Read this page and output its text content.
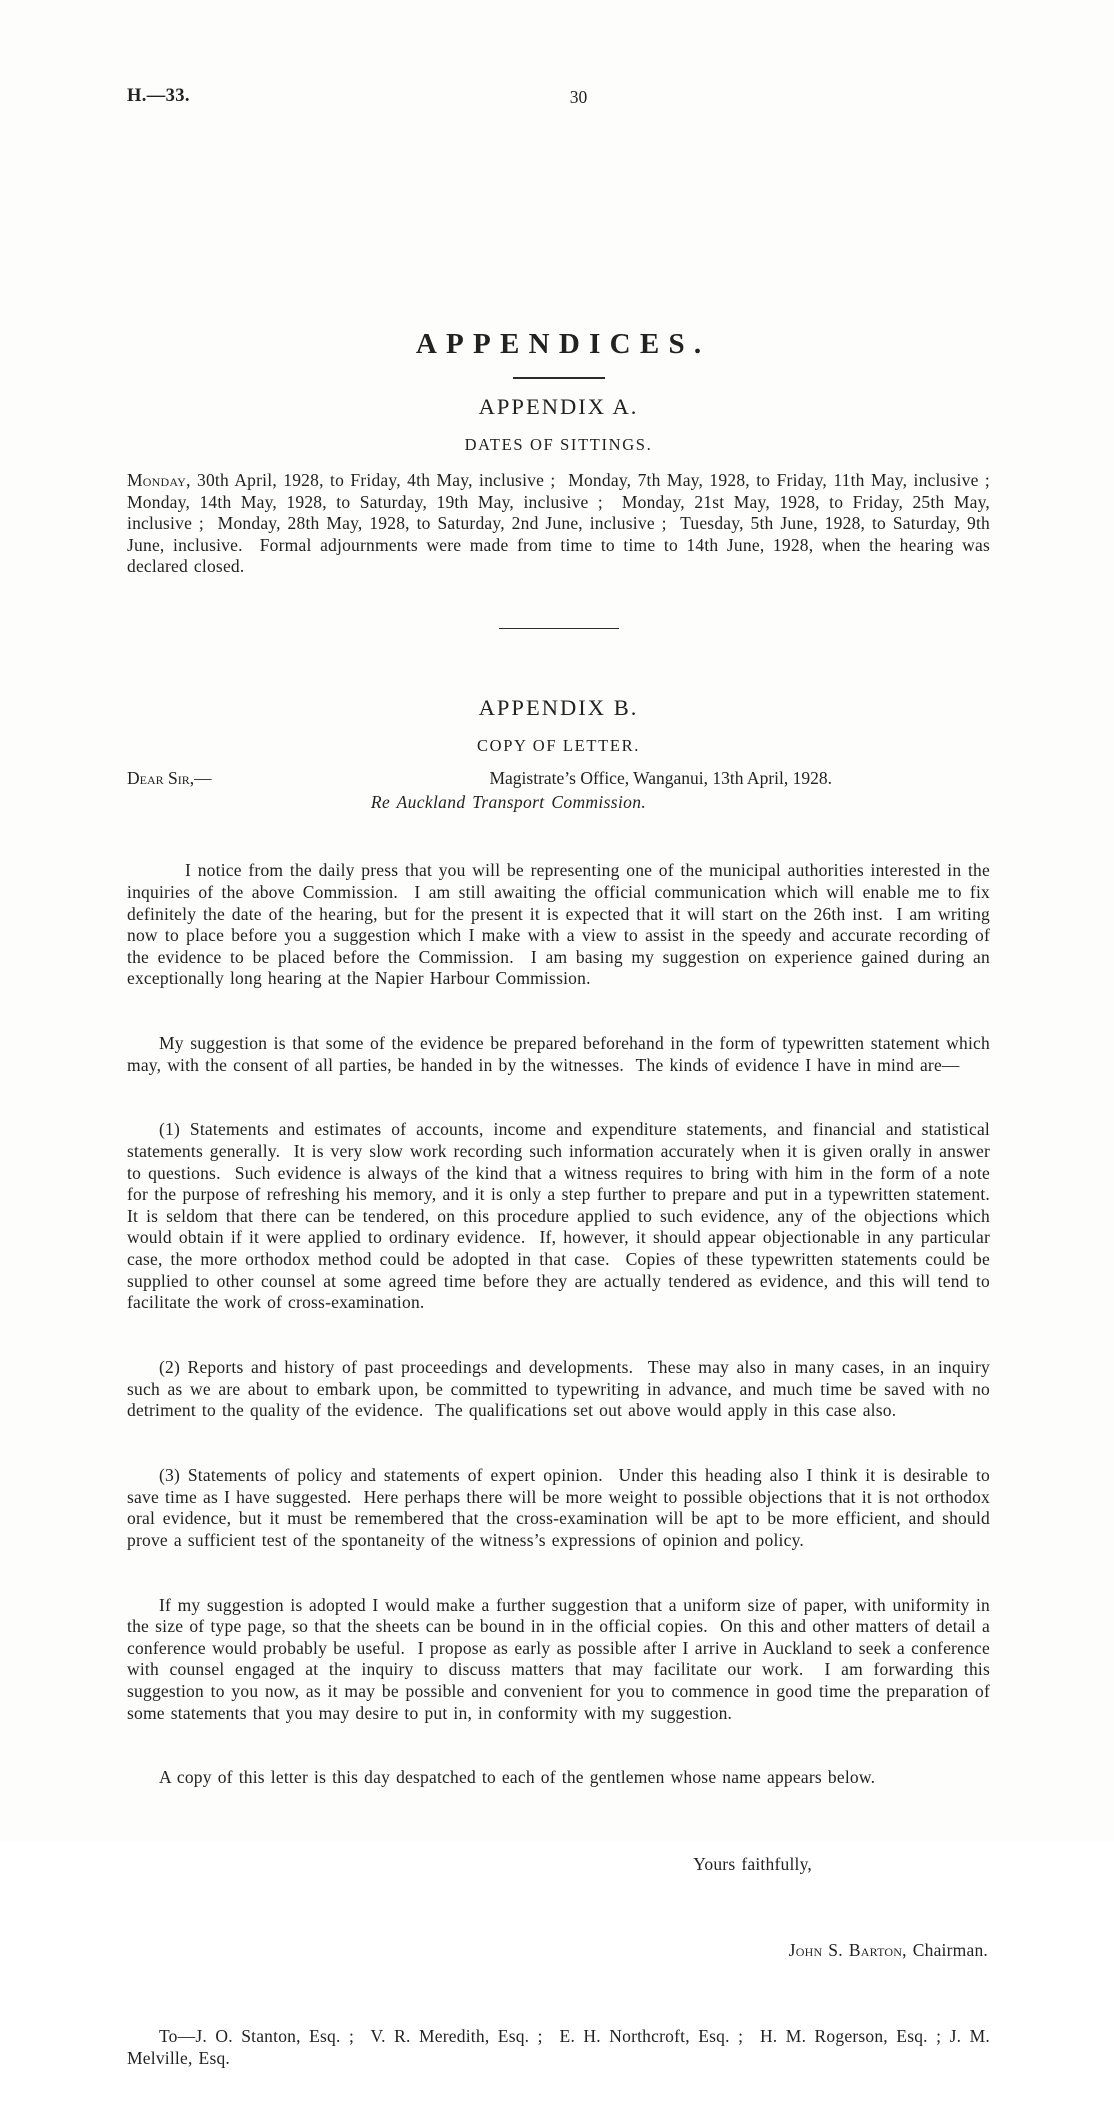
H.—33.	30
APPENDICES.
APPENDIX A.
DATES OF SITTINGS.

Monday, 30th April, 1928, to Friday, 4th May, inclusive ;  Monday, 7th May, 1928, to Friday, 11th May, inclusive ;  Monday, 14th May, 1928, to Saturday, 19th May, inclusive ;  Monday, 21st May, 1928, to Friday, 25th May, inclusive ;  Monday, 28th May, 1928, to Saturday, 2nd June, inclusive ;  Tuesday, 5th June, 1928, to Saturday, 9th June, inclusive.  Formal adjournments were made from time to time to 14th June, 1928, when the hearing was declared closed.

APPENDIX B.
COPY OF LETTER.
Dear Sir,—	Magistrate’s Office, Wanganui, 13th April, 1928.
Re Auckland Transport Commission.

I notice from the daily press that you will be representing one of the municipal authorities interested in the inquiries of the above Commission.  I am still awaiting the official communication which will enable me to fix definitely the date of the hearing, but for the present it is expected that it will start on the 26th inst.  I am writing now to place before you a suggestion which I make with a view to assist in the speedy and accurate recording of the evidence to be placed before the Commission.  I am basing my suggestion on experience gained during an exceptionally long hearing at the Napier Harbour Commission.

My suggestion is that some of the evidence be prepared beforehand in the form of typewritten statement which may, with the consent of all parties, be handed in by the witnesses.  The kinds of evidence I have in mind are—

(1) Statements and estimates of accounts, income and expenditure statements, and financial and statistical statements generally.  It is very slow work recording such information accurately when it is given orally in answer to questions.  Such evidence is always of the kind that a witness requires to bring with him in the form of a note for the purpose of refreshing his memory, and it is only a step further to prepare and put in a typewritten statement.  It is seldom that there can be tendered, on this procedure applied to such evidence, any of the objections which would obtain if it were applied to ordinary evidence.  If, however, it should appear objectionable in any particular case, the more orthodox method could be adopted in that case.  Copies of these typewritten statements could be supplied to other counsel at some agreed time before they are actually tendered as evidence, and this will tend to facilitate the work of cross-examination.

(2) Reports and history of past proceedings and developments.  These may also in many cases, in an inquiry such as we are about to embark upon, be committed to typewriting in advance, and much time be saved with no detriment to the quality of the evidence.  The qualifications set out above would apply in this case also.

(3) Statements of policy and statements of expert opinion.  Under this heading also I think it is desirable to save time as I have suggested.  Here perhaps there will be more weight to possible objections that it is not orthodox oral evidence, but it must be remembered that the cross-examination will be apt to be more efficient, and should prove a sufficient test of the spontaneity of the witness’s expressions of opinion and policy.

If my suggestion is adopted I would make a further suggestion that a uniform size of paper, with uniformity in the size of type page, so that the sheets can be bound in in the official copies.  On this and other matters of detail a conference would probably be useful.  I propose as early as possible after I arrive in Auckland to seek a conference with counsel engaged at the inquiry to discuss matters that may facilitate our work.  I am forwarding this suggestion to you now, as it may be possible and convenient for you to commence in good time the preparation of some statements that you may desire to put in, in conformity with my suggestion.

A copy of this letter is this day despatched to each of the gentlemen whose name appears below.

Yours faithfully,

John S. Barton, Chairman.

To—J. O. Stanton, Esq. ;  V. R. Meredith, Esq. ;  E. H. Northcroft, Esq. ;  H. M. Rogerson, Esq. ; J. M. Melville, Esq.
